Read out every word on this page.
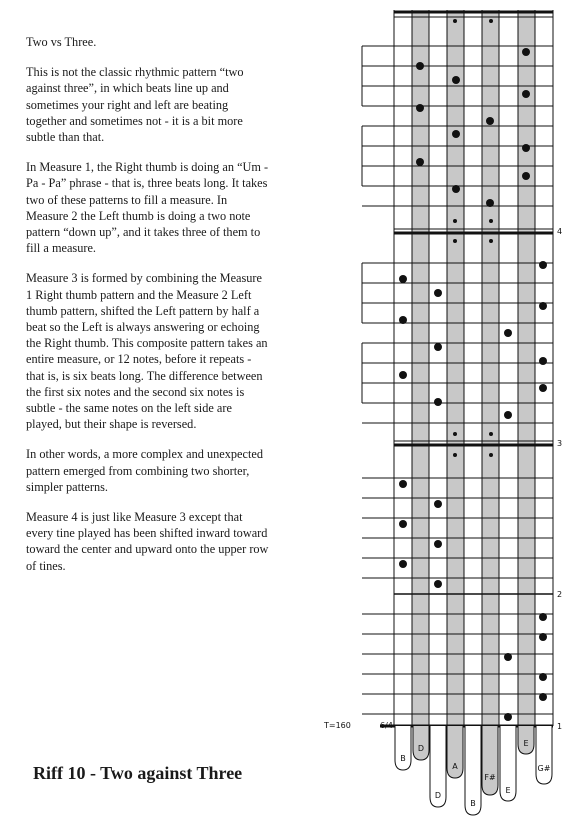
Two vs Three.

This is not the classic rhythmic pattern “two against three”, in which beats line up and sometimes your right and left are beating together and sometimes not - it is a bit more subtle than that.

In Measure 1, the Right thumb is doing an “Um - Pa - Pa” phrase - that is, three beats long. It takes two of these patterns to fill a measure. In Measure 2 the Left thumb is doing a two note pattern “down up”, and it takes three of them to fill a measure.

Measure 3 is formed by combining the Measure 1 Right thumb pattern and the Measure 2 Left thumb pattern, shifted the Left pattern by half a beat so the Left is always answering or echoing the Right thumb. This composite pattern takes an entire measure, or 12 notes, before it repeats - that is, is six beats long. The difference between the first six notes and the second six notes is subtle - the same notes on the left side are played, but their shape is reversed.

In other words, a more complex and unexpected pattern emerged from combining two shorter, simpler patterns.

Measure 4 is just like Measure 3 except that every tine played has been shifted inward toward toward the center and upward onto the upper row of tines.

Riff 10 - Two against Three
B
D
D
A
B
F#
E
E
G#
1
2
3
4
T=160	6/4
